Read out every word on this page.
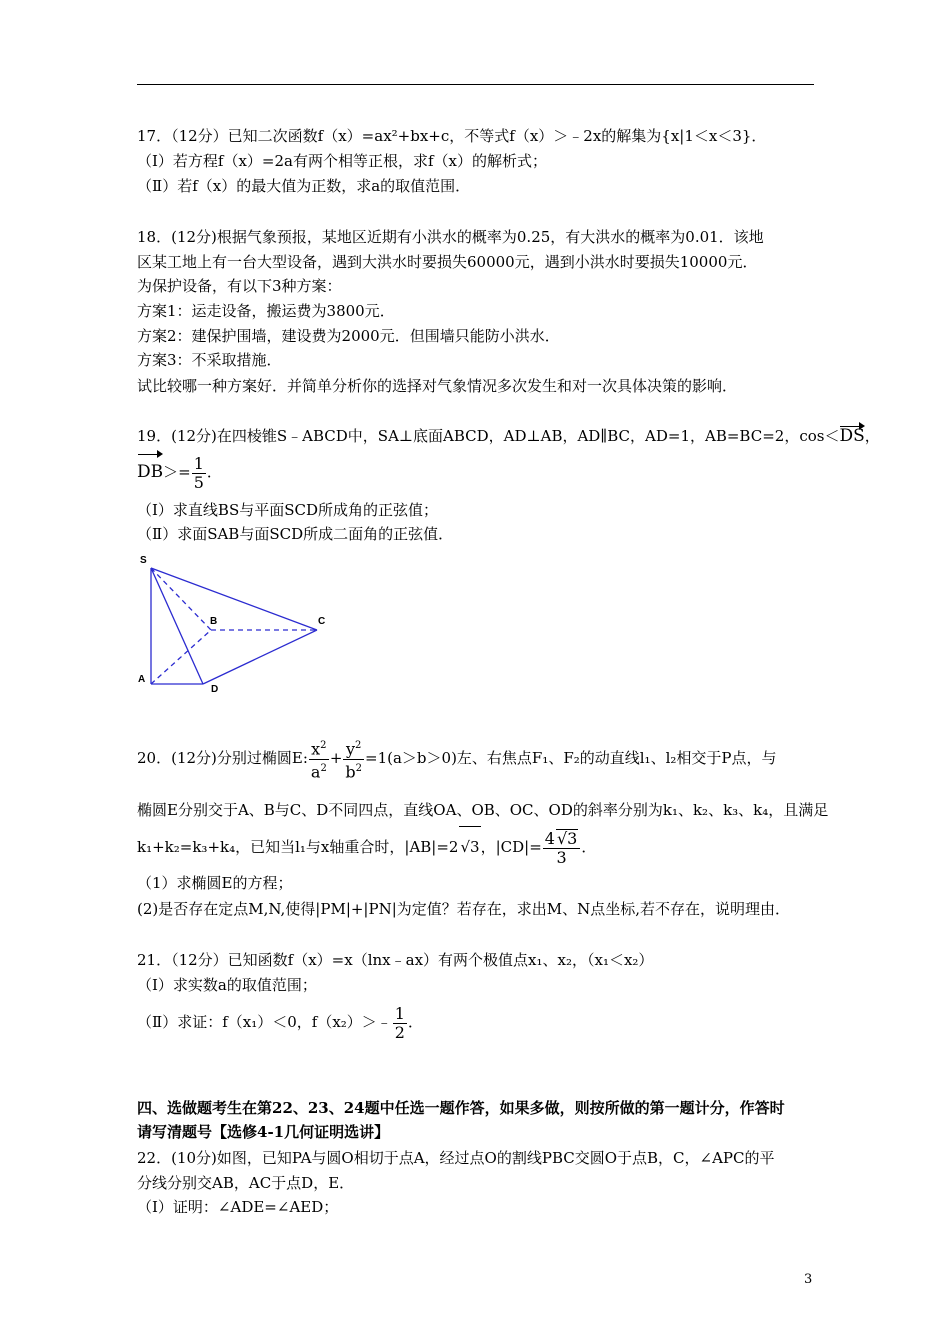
17．（12分）已知二次函数f（x）=ax²+bx+c，不等式f（x）＞﹣2x的解集为{x|1＜x＜3}．
（Ⅰ）若方程f（x）=2a有两个相等正根，求f（x）的解析式；
（Ⅱ）若f（x）的最大值为正数，求a的取值范围．
18．(12分)根据气象预报，某地区近期有小洪水的概率为0.25，有大洪水的概率为0.01．该地
区某工地上有一台大型设备，遇到大洪水时要损失60000元，遇到小洪水时要损失10000元．
为保护设备，有以下3种方案：
方案1：运走设备，搬运费为3800元．
方案2：建保护围墙，建设费为2000元．但围墙只能防小洪水．
方案3：不采取措施．
试比较哪一种方案好．并简单分析你的选择对气象情况多次发生和对一次具体决策的影响．
19．(12分)在四棱锥S﹣ABCD中，SA⊥底面ABCD，AD⊥AB，AD∥BC，AD=1，AB=BC=2，cos＜DS，
$DB>= \frac{1}{5}$ ．
（Ⅰ）求直线BS与平面SCD所成角的正弦值；
（Ⅱ）求面SAB与面SCD所成二面角的正弦值．
S
A
B	C
D
20．(12分)分别过椭圆E: $\frac{x^2}{a^2} + \frac{y^2}{b^2} =1(a>b>0)$左、右焦点F₁、F₂的动直线l₁、l₂相交于P点，与
椭圆E分别交于A、B与C、D不同四点，直线OA、OB、OC、OD的斜率分别为k₁、k₂、k₃、k₄，且满足
k₁+k₂=k₃+k₄，已知当l₁与x轴重合时，|AB|=2 √3，$|CD|= \frac{4 √3}{3}$ ．
（1）求椭圆E的方程；
(2)是否存在定点M,N,使得|PM|+|PN|为定值？若存在，求出M、N点坐标,若不存在，说明理由．
21．（12分）已知函数f（x）=x（lnx﹣ax）有两个极值点x₁、x₂，（x₁＜x₂）
（Ⅰ）求实数a的取值范围；
（Ⅱ）求证：f（x₁）＜0，f（x₂）＞﹣ $\frac{1}{2}$ ．
四、选做题考生在第22、23、24题中任选一题作答，如果多做，则按所做的第一题计分，作答时
请写清题号【选修4-1几何证明选讲】
22．(10分)如图，已知PA与圆O相切于点A，经过点O的割线PBC交圆O于点B，C，∠APC的平
分线分别交AB，AC于点D，E．
（Ⅰ）证明：∠ADE=∠AED；
3
